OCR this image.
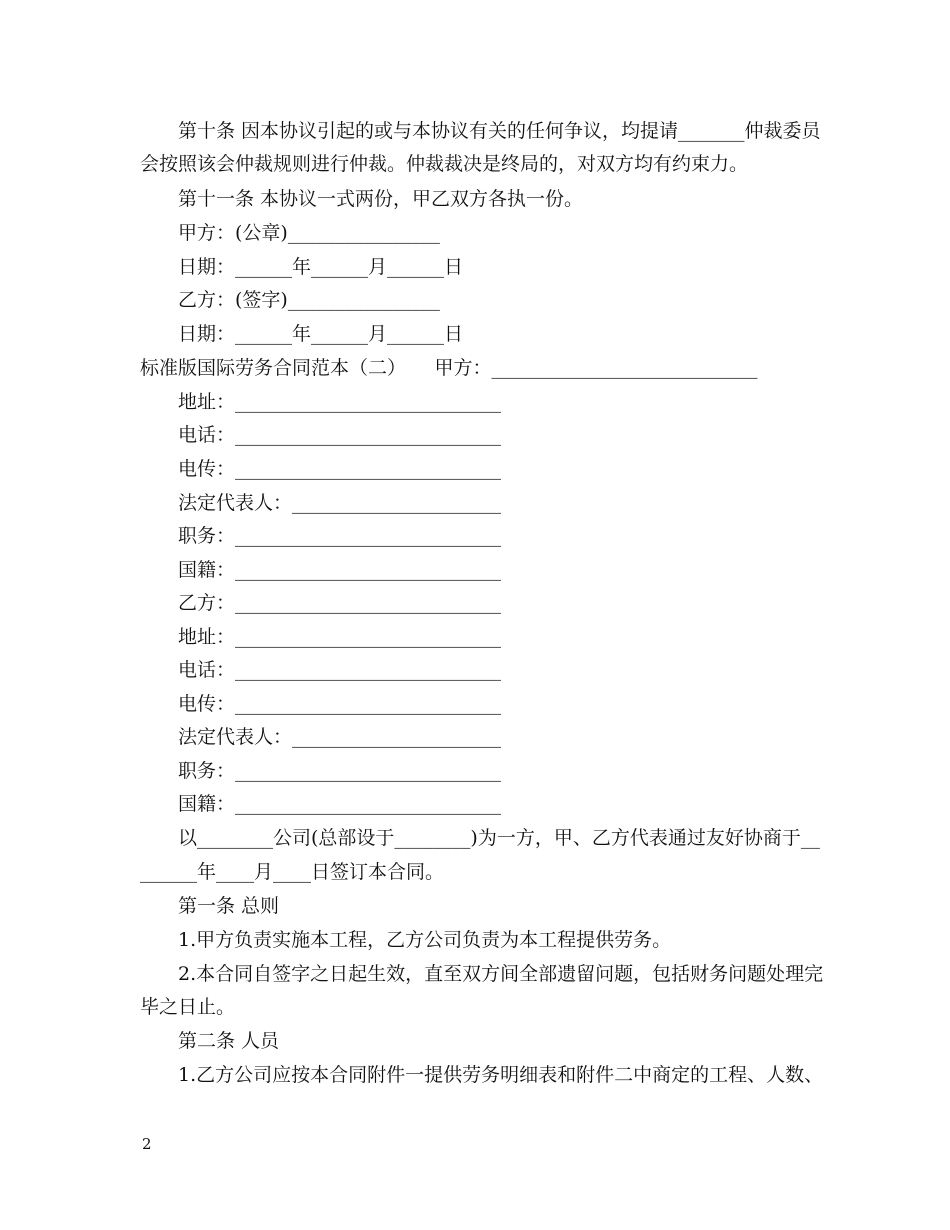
第十条 因本协议引起的或与本协议有关的任何争议，均提请_______仲裁委员
会按照该会仲裁规则进行仲裁。仲裁裁决是终局的，对双方均有约束力。
第十一条 本协议一式两份，甲乙双方各执一份。
甲方：(公章)________________
日期：______年______月______日
乙方：(签字)________________
日期：______年______月______日
标准版国际劳务合同范本（二）　　甲方：____________________________
地址：____________________________
电话：____________________________
电传：____________________________
法定代表人：______________________
职务：____________________________
国籍：____________________________
乙方：____________________________
地址：____________________________
电话：____________________________
电传：____________________________
法定代表人：______________________
职务：____________________________
国籍：____________________________
以________公司(总部设于________)为一方，甲、乙方代表通过友好协商于__
______年____月____日签订本合同。
第一条 总则
1.甲方负责实施本工程，乙方公司负责为本工程提供劳务。
2.本合同自签字之日起生效，直至双方间全部遗留问题，包括财务问题处理完
毕之日止。
第二条 人员
1.乙方公司应按本合同附件一提供劳务明细表和附件二中商定的工程、人数、
2
